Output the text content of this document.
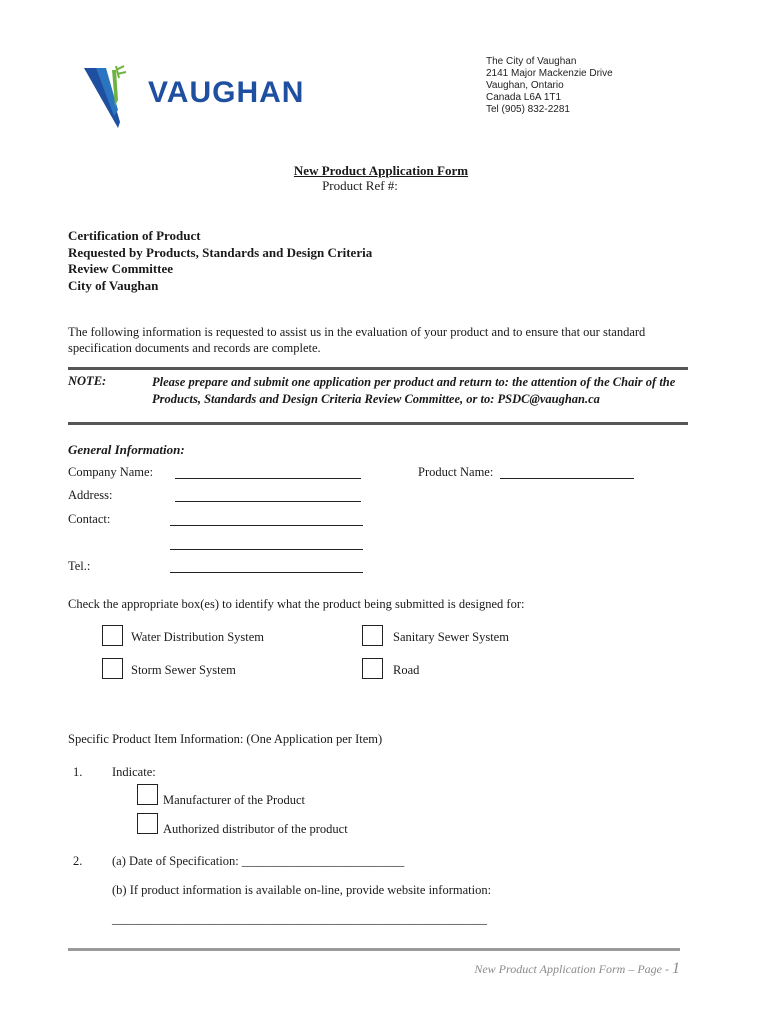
VAUGHAN
The City of Vaughan
2141 Major Mackenzie Drive
Vaughan, Ontario
Canada L6A 1T1
Tel (905) 832-2281
New Product Application Form
Product Ref #:
Certification of Product
Requested by Products, Standards and Design Criteria
Review Committee
City of Vaughan
The following information is requested to assist us in the evaluation of your product and to ensure that our standard specification documents and records are complete.
NOTE:	Please prepare and submit one application per product and return to: the attention of the Chair of the Products, Standards and Design Criteria Review Committee, or to: PSDC@vaughan.ca
General Information:
Company Name:	Product Name:
Address:
Contact:
Tel.:
Check the appropriate box(es) to identify what the product being submitted is designed for:
Water Distribution System	Sanitary Sewer System
Storm Sewer System	Road
Specific Product Item Information: (One Application per Item)
1. Indicate:
Manufacturer of the Product
Authorized distributor of the product
2. (a) Date of Specification: __________________________
(b) If product information is available on-line, provide website information:
____________________________________________________________
New Product Application Form – Page - 1
